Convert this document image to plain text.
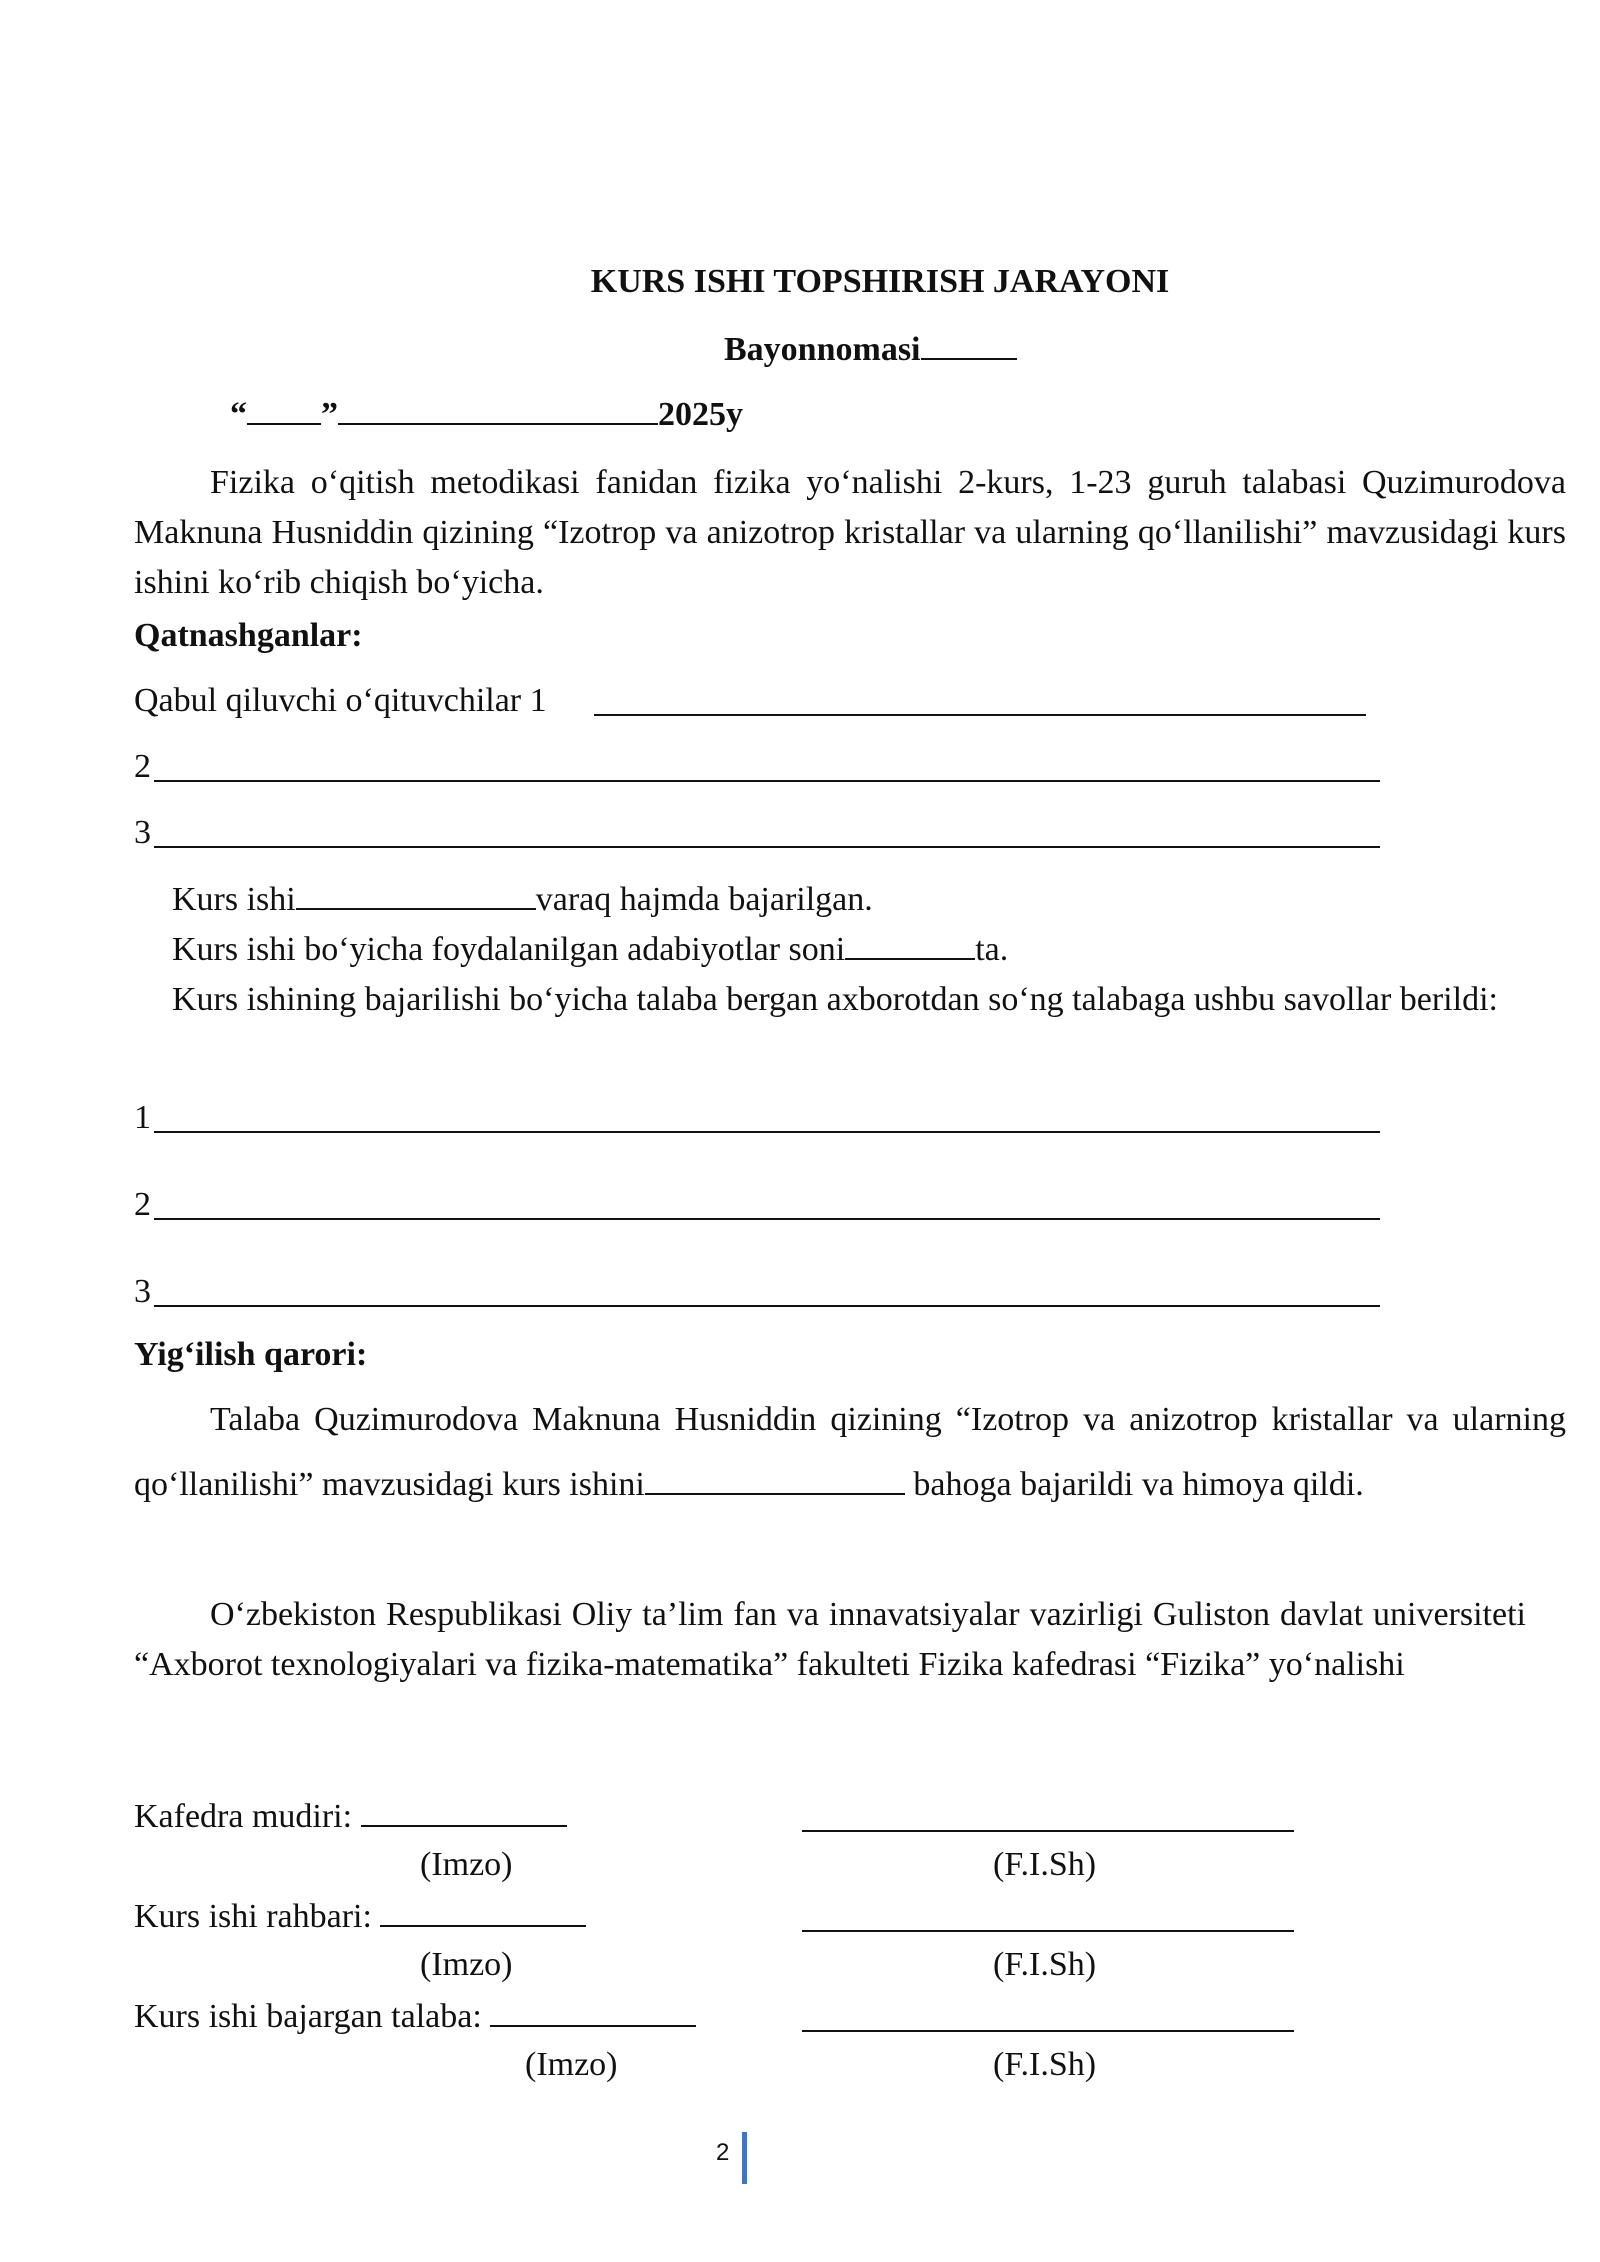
KURS ISHI TOPSHIRISH JARAYONI
Bayonnomasi
“ ”	2025y
Fizika o‘qitish metodikasi fanidan fizika yo‘nalishi 2-kurs, 1-23 guruh talabasi Quzimurodova Maknuna Husniddin qizining “Izotrop va anizotrop kristallar va ularning qo‘llanilishi” mavzusidagi kurs ishini ko‘rib chiqish bo‘yicha.
Qatnashganlar:
Qabul qiluvchi o‘qituvchilar 1
2
3
Kurs ishi	varaq hajmda bajarilgan.
Kurs ishi bo‘yicha foydalanilgan adabiyotlar soni	ta.
Kurs ishining bajarilishi bo‘yicha talaba bergan axborotdan so‘ng talabaga ushbu savollar berildi:
1
2
3
Yig‘ilish qarori:
Talaba Quzimurodova Maknuna Husniddin qizining “Izotrop va anizotrop kristallar va ularning qo‘llanilishi” mavzusidagi kurs ishini	bahoga bajarildi va himoya qildi.
O‘zbekiston Respublikasi Oliy ta’lim fan va innavatsiyalar vazirligi Guliston davlat universiteti “Axborot texnologiyalari va fizika-matematika” fakulteti Fizika kafedrasi “Fizika” yo‘nalishi
Kafedra mudiri:
(Imzo)	(F.I.Sh)
Kurs ishi rahbari:
(Imzo)	(F.I.Sh)
Kurs ishi bajargan talaba:
(Imzo)	(F.I.Sh)
2
